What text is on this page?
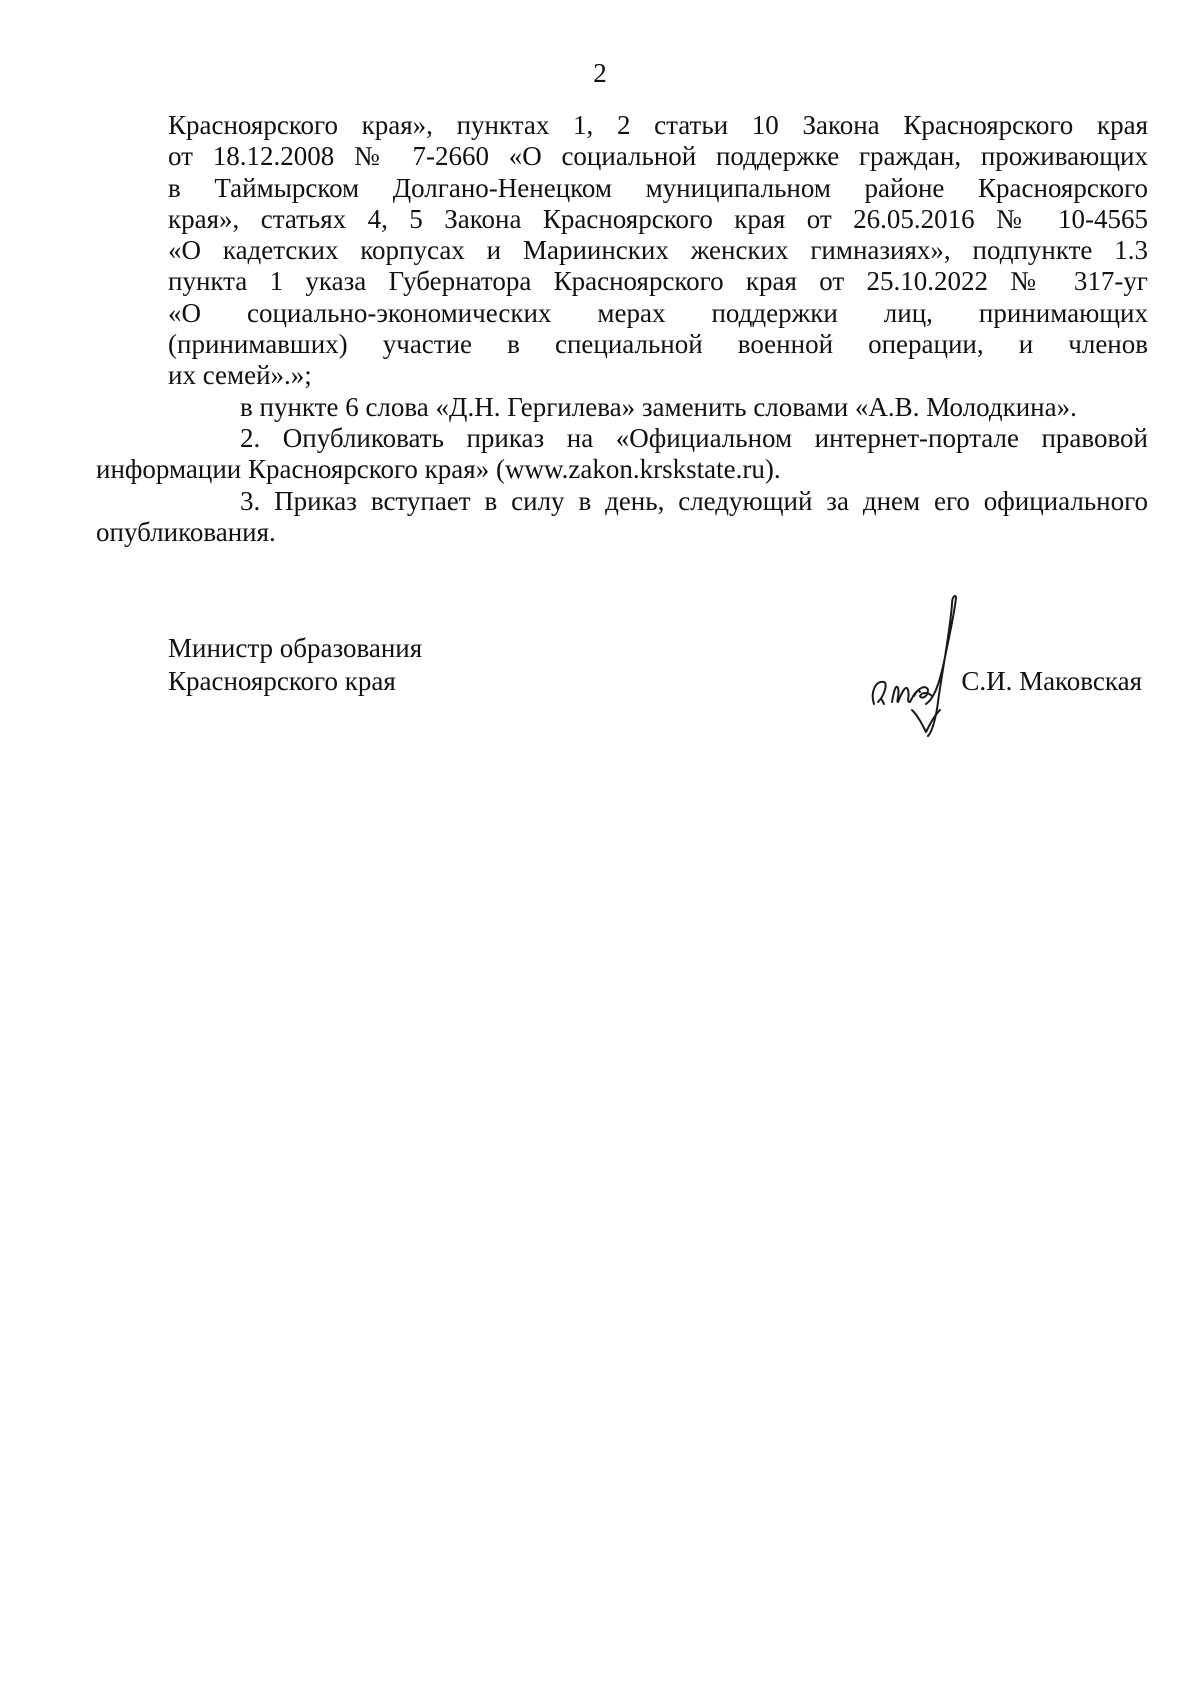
2

Красноярского края», пунктах 1, 2 статьи 10 Закона Красноярского края
от 18.12.2008 № 7-2660 «О социальной поддержке граждан, проживающих
в Таймырском Долгано-Ненецком муниципальном районе Красноярского
края», статьях 4, 5 Закона Красноярского края от 26.05.2016 № 10-4565
«О кадетских корпусах и Мариинских женских гимназиях», подпункте 1.3
пункта 1 указа Губернатора Красноярского края от 25.10.2022 № 317-уг
«О социально-экономических мерах поддержки лиц, принимающих
(принимавших) участие в специальной военной операции, и членов
их семей».»;

в пункте 6 слова «Д.Н. Гергилева» заменить словами «А.В. Молодкина».

2. Опубликовать приказ на «Официальном интернет-портале правовой
информации Красноярского края» (www.zakon.krskstate.ru).

3. Приказ вступает в силу в день, следующий за днем его официального
опубликования.

Министр образования
Красноярского края	С.И. Маковская
